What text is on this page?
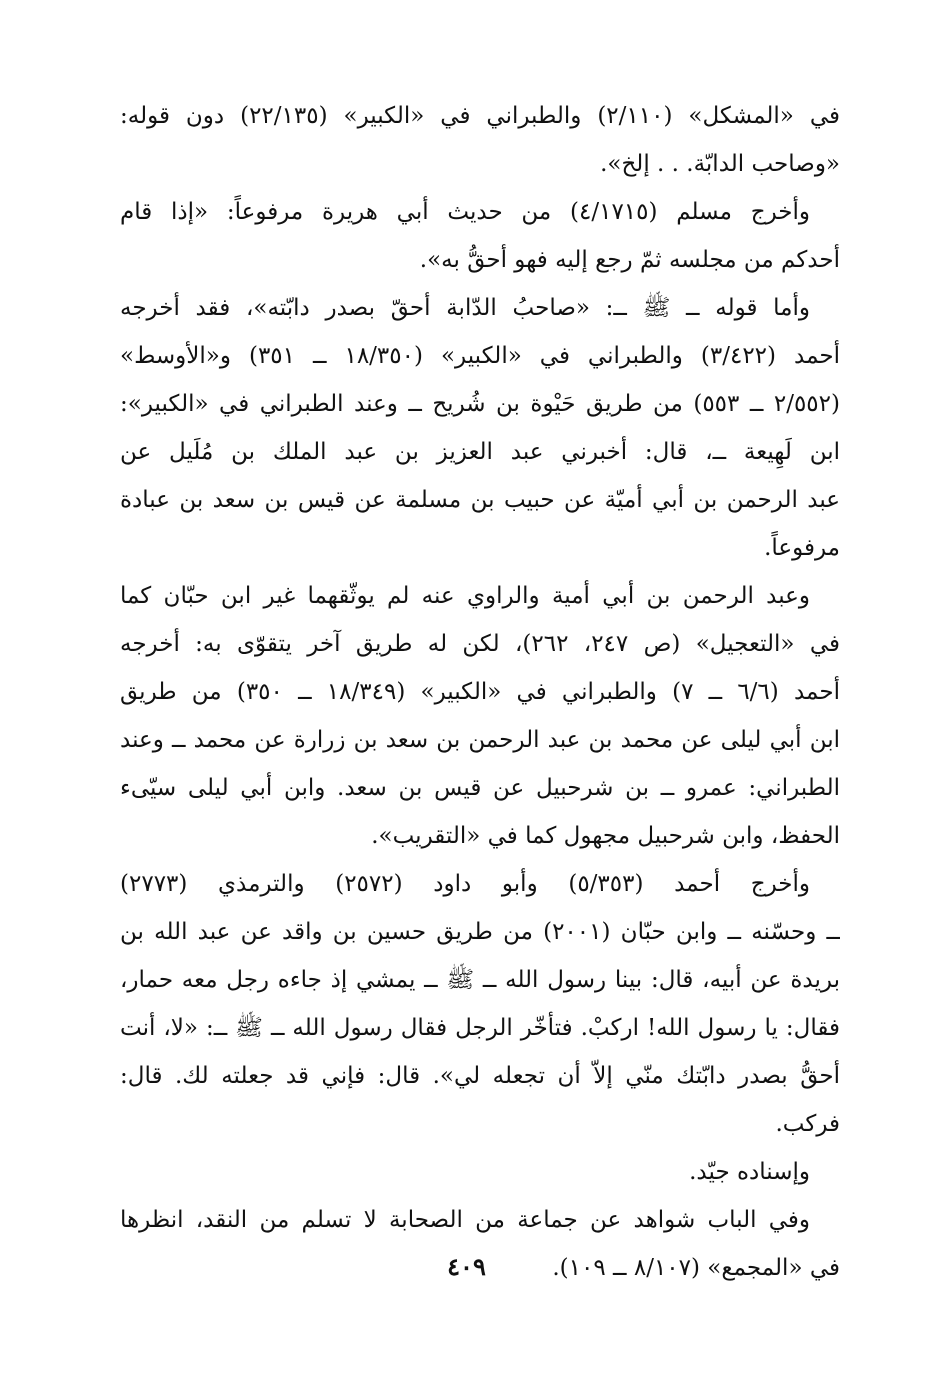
في «المشكل» (٢/١١٠) والطبراني في «الكبير» (٢٢/١٣٥) دون قوله:
«وصاحب الدابّة. . . إلخ».
وأخرج مسلم (٤/١٧١٥) من حديث أبي هريرة مرفوعاً: «إذا قام
أحدكم من مجلسه ثمّ رجع إليه فهو أحقُّ به».
وأما قوله ــ ﷺ ــ: «صاحبُ الدّابة أحقّ بصدر دابّته»، فقد أخرجه
أحمد (٣/٤٢٢) والطبراني في «الكبير» (١٨/٣٥٠ ــ ٣٥١) و«الأوسط»
(٢/٥٥٢ ــ ٥٥٣) من طريق حَيْوة بن شُريح ــ وعند الطبراني في «الكبير»:
ابن لَهِيعة ــ، قال: أخبرني عبد العزيز بن عبد الملك بن مُلَيل عن
عبد الرحمن بن أبي أميّة عن حبيب بن مسلمة عن قيس بن سعد بن عبادة
مرفوعاً.
وعبد الرحمن بن أبي أمية والراوي عنه لم يوثّقهما غير ابن حبّان كما
في «التعجيل» (ص ٢٤٧، ٢٦٢)، لكن له طريق آخر يتقوّى به: أخرجه
أحمد (٦/٦ ــ ٧) والطبراني في «الكبير» (١٨/٣٤٩ ــ ٣٥٠) من طريق
ابن أبي ليلى عن محمد بن عبد الرحمن بن سعد بن زرارة عن محمد ــ وعند
الطبراني: عمرو ــ بن شرحبيل عن قيس بن سعد. وابن أبي ليلى سيّىء
الحفظ، وابن شرحبيل مجهول كما في «التقريب».
وأخرج أحمد (٥/٣٥٣) وأبو داود (٢٥٧٢) والترمذي (٢٧٧٣)
ــ وحسّنه ــ وابن حبّان (٢٠٠١) من طريق حسين بن واقد عن عبد الله بن
بريدة عن أبيه، قال: بينا رسول الله ــ ﷺ ــ يمشي إذ جاءه رجل معه حمار،
فقال: يا رسول الله! اركبْ. فتأخّر الرجل فقال رسول الله ــ ﷺ ــ: «لا، أنت
أحقُّ بصدر دابّتك منّي إلاّ أن تجعله لي». قال: فإني قد جعلته لك. قال:
فركب.
وإسناده جيّد.
وفي الباب شواهد عن جماعة من الصحابة لا تسلم من النقد، انظرها
في «المجمع» (٨/١٠٧ ــ ١٠٩).
٤٠٩
